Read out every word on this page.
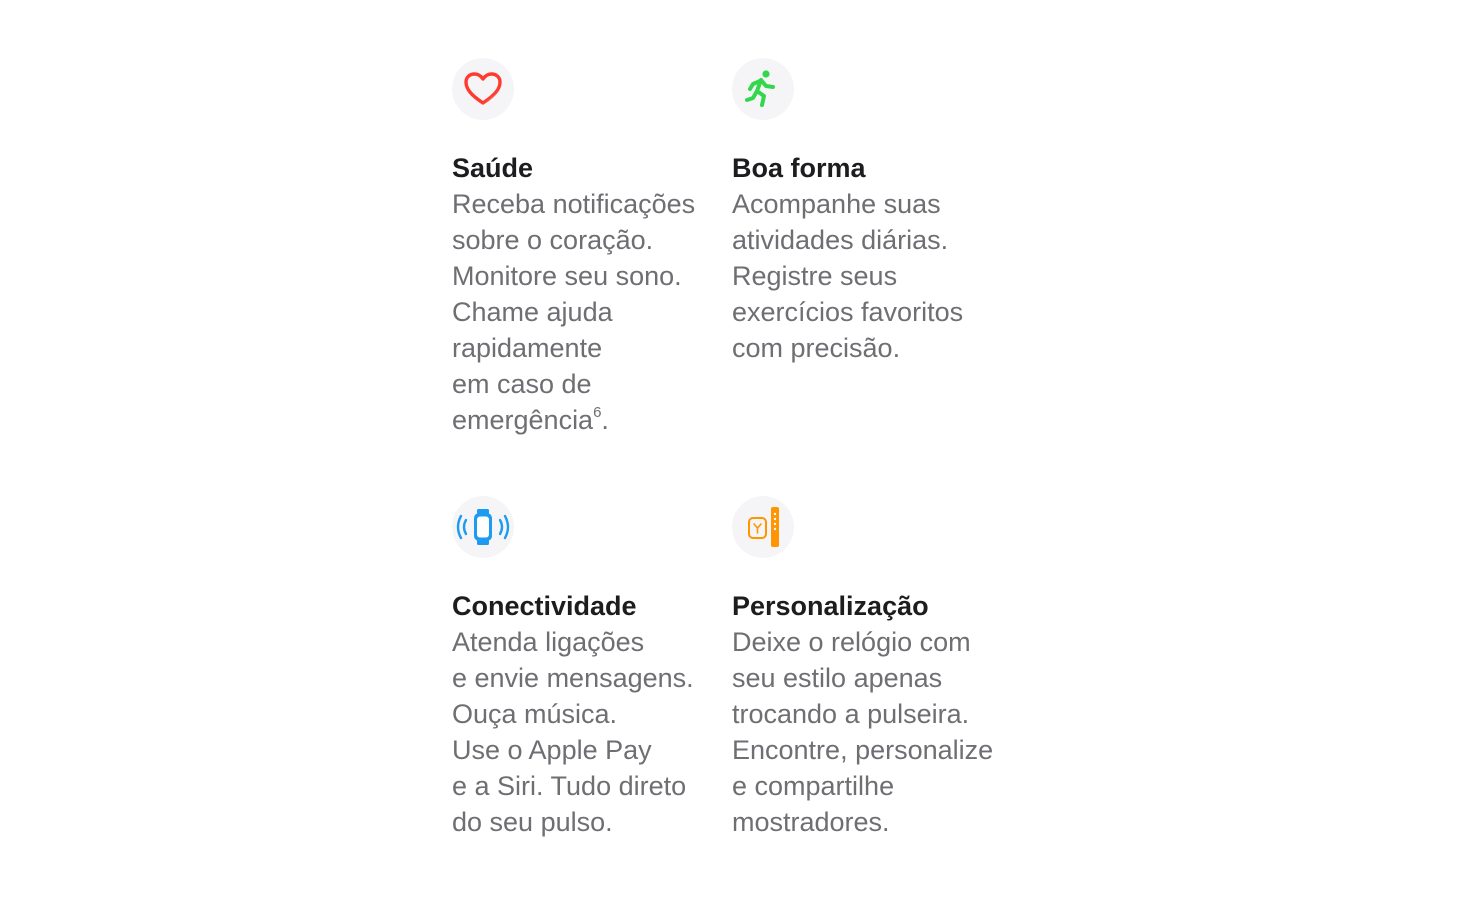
Saúde
Receba notificações
sobre o coração.
Monitore seu sono.
Chame ajuda
rapidamente
em caso de
emergência$^6$.
Boa forma
Acompanhe suas
atividades diárias.
Registre seus
exercícios favoritos
com precisão.
Conectividade
Atenda ligações
e envie mensagens.
Ouça música.
Use o Apple Pay
e a Siri. Tudo direto
do seu pulso.
Personalização
Deixe o relógio com
seu estilo apenas
trocando a pulseira.
Encontre, personalize
e compartilhe
mostradores.
